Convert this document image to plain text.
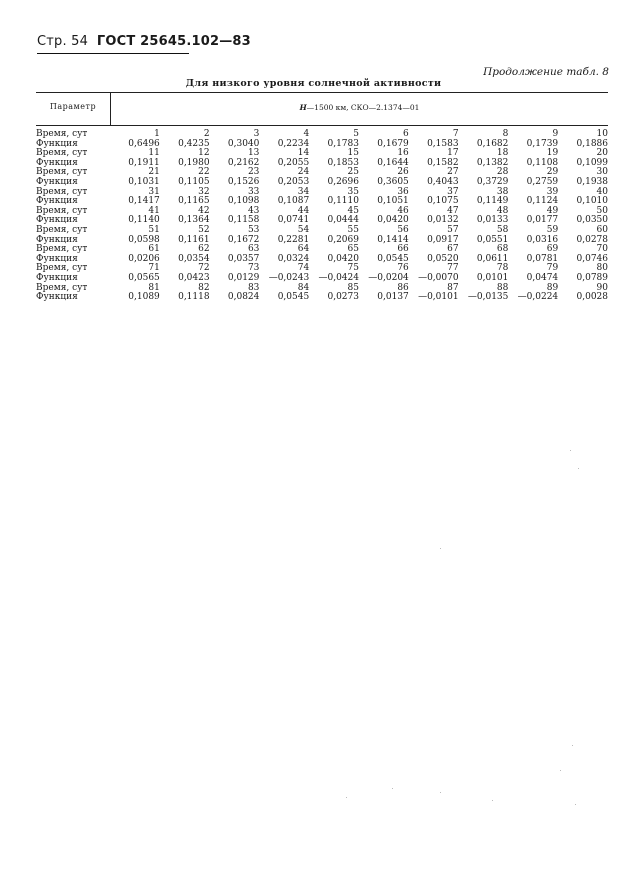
Стр. 54 ГОСТ 25645.102—83
Продолжение табл. 8
Для низкого уровня солнечной активности
Параметр	H—1500 км, СКО—2.1374—01
Время, сут	1	2	3	4	5	6	7	8	9	10
Функция	0,6496	0,4235	0,3040	0,2234	0,1783	0,1679	0,1583	0,1682	0,1739	0,1886
Время, сут	11	12	13	14	15	16	17	18	19	20
Функция	0,1911	0,1980	0,2162	0,2055	0,1853	0,1644	0,1582	0,1382	0,1108	0,1099
Время, сут	21	22	23	24	25	26	27	28	29	30
Функция	0,1031	0,1105	0,1526	0,2053	0,2696	0,3605	0,4043	0,3729	0,2759	0,1938
Время, сут	31	32	33	34	35	36	37	38	39	40
Функция	0,1417	0,1165	0,1098	0,1087	0,1110	0,1051	0,1075	0,1149	0,1124	0,1010
Время, сут	41	42	43	44	45	46	47	48	49	50
Функция	0,1140	0,1364	0,1158	0,0741	0,0444	0,0420	0,0132	0,0133	0,0177	0,0350
Время, сут	51	52	53	54	55	56	57	58	59	60
Функция	0,0598	0,1161	0,1672	0,2281	0,2069	0,1414	0,0917	0,0551	0,0316	0,0278
Время, сут	61	62	63	64	65	66	67	68	69	70
Функция	0,0206	0,0354	0,0357	0,0324	0,0420	0,0545	0,0520	0,0611	0,0781	0,0746
Время, сут	71	72	73	74	75	76	77	78	79	80
Функция	0,0565	0,0423	0,0129	—0,0243	—0,0424	—0,0204	—0,0070	0,0101	0,0474	0,0789
Время, сут	81	82	83	84	85	86	87	88	89	90
Функция	0,1089	0,1118	0,0824	0,0545	0,0273	0,0137	—0,0101	—0,0135	—0,0224	0,0028
